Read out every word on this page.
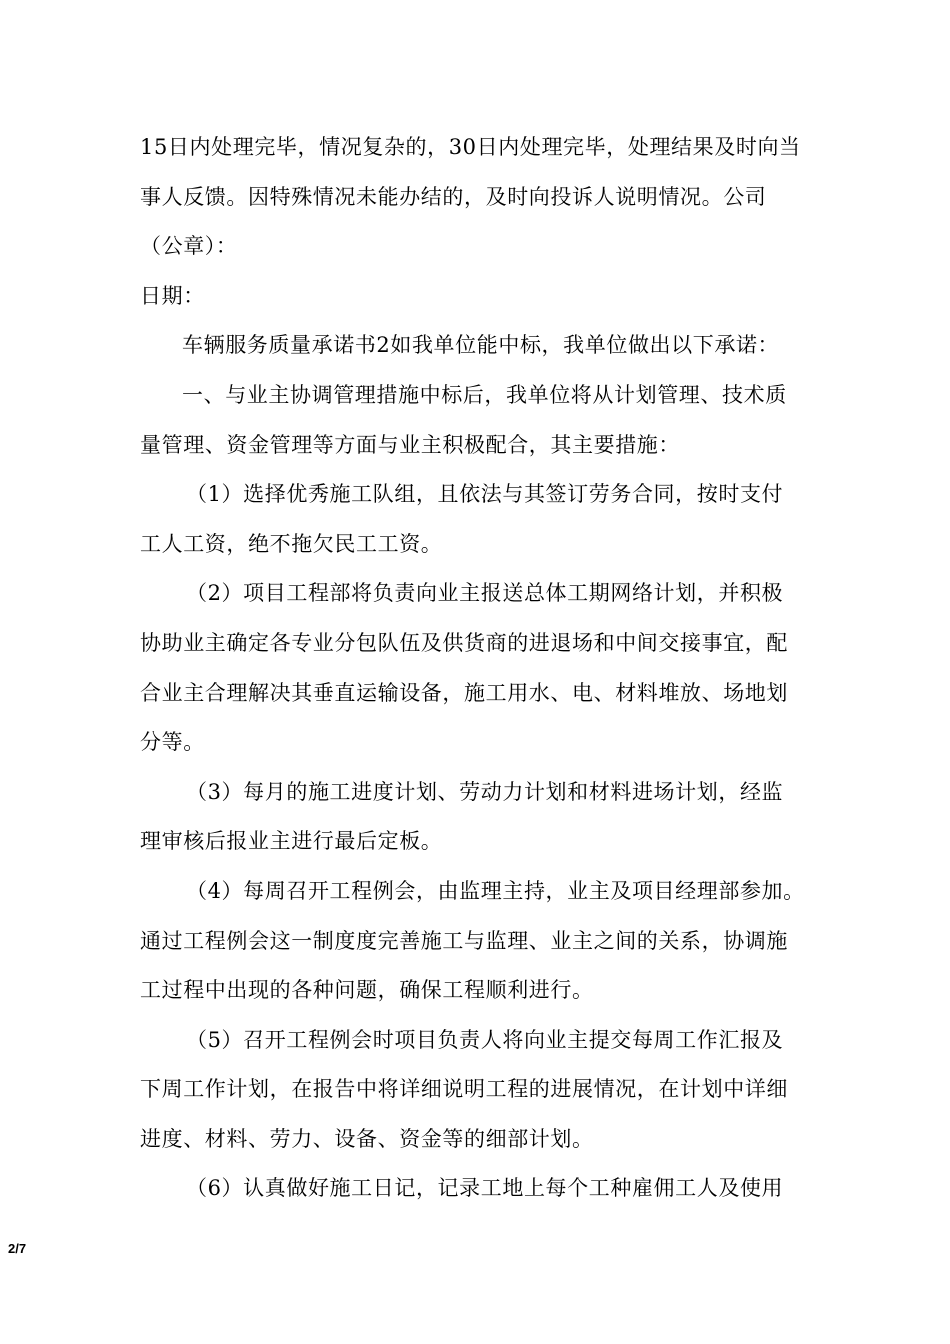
15日内处理完毕，情况复杂的，30日内处理完毕，处理结果及时向当
事人反馈。因特殊情况未能办结的，及时向投诉人说明情况。公司
（公章）：
日期：
车辆服务质量承诺书2如我单位能中标，我单位做出以下承诺：
一、与业主协调管理措施中标后，我单位将从计划管理、技术质
量管理、资金管理等方面与业主积极配合，其主要措施：
（1）选择优秀施工队组，且依法与其签订劳务合同，按时支付
工人工资，绝不拖欠民工工资。
（2）项目工程部将负责向业主报送总体工期网络计划，并积极
协助业主确定各专业分包队伍及供货商的进退场和中间交接事宜，配
合业主合理解决其垂直运输设备，施工用水、电、材料堆放、场地划
分等。
（3）每月的施工进度计划、劳动力计划和材料进场计划，经监
理审核后报业主进行最后定板。
（4）每周召开工程例会，由监理主持，业主及项目经理部参加。
通过工程例会这一制度度完善施工与监理、业主之间的关系，协调施
工过程中出现的各种问题，确保工程顺利进行。
（5）召开工程例会时项目负责人将向业主提交每周工作汇报及
下周工作计划，在报告中将详细说明工程的进展情况，在计划中详细
进度、材料、劳力、设备、资金等的细部计划。
（6）认真做好施工日记，记录工地上每个工种雇佣工人及使用
2/7
